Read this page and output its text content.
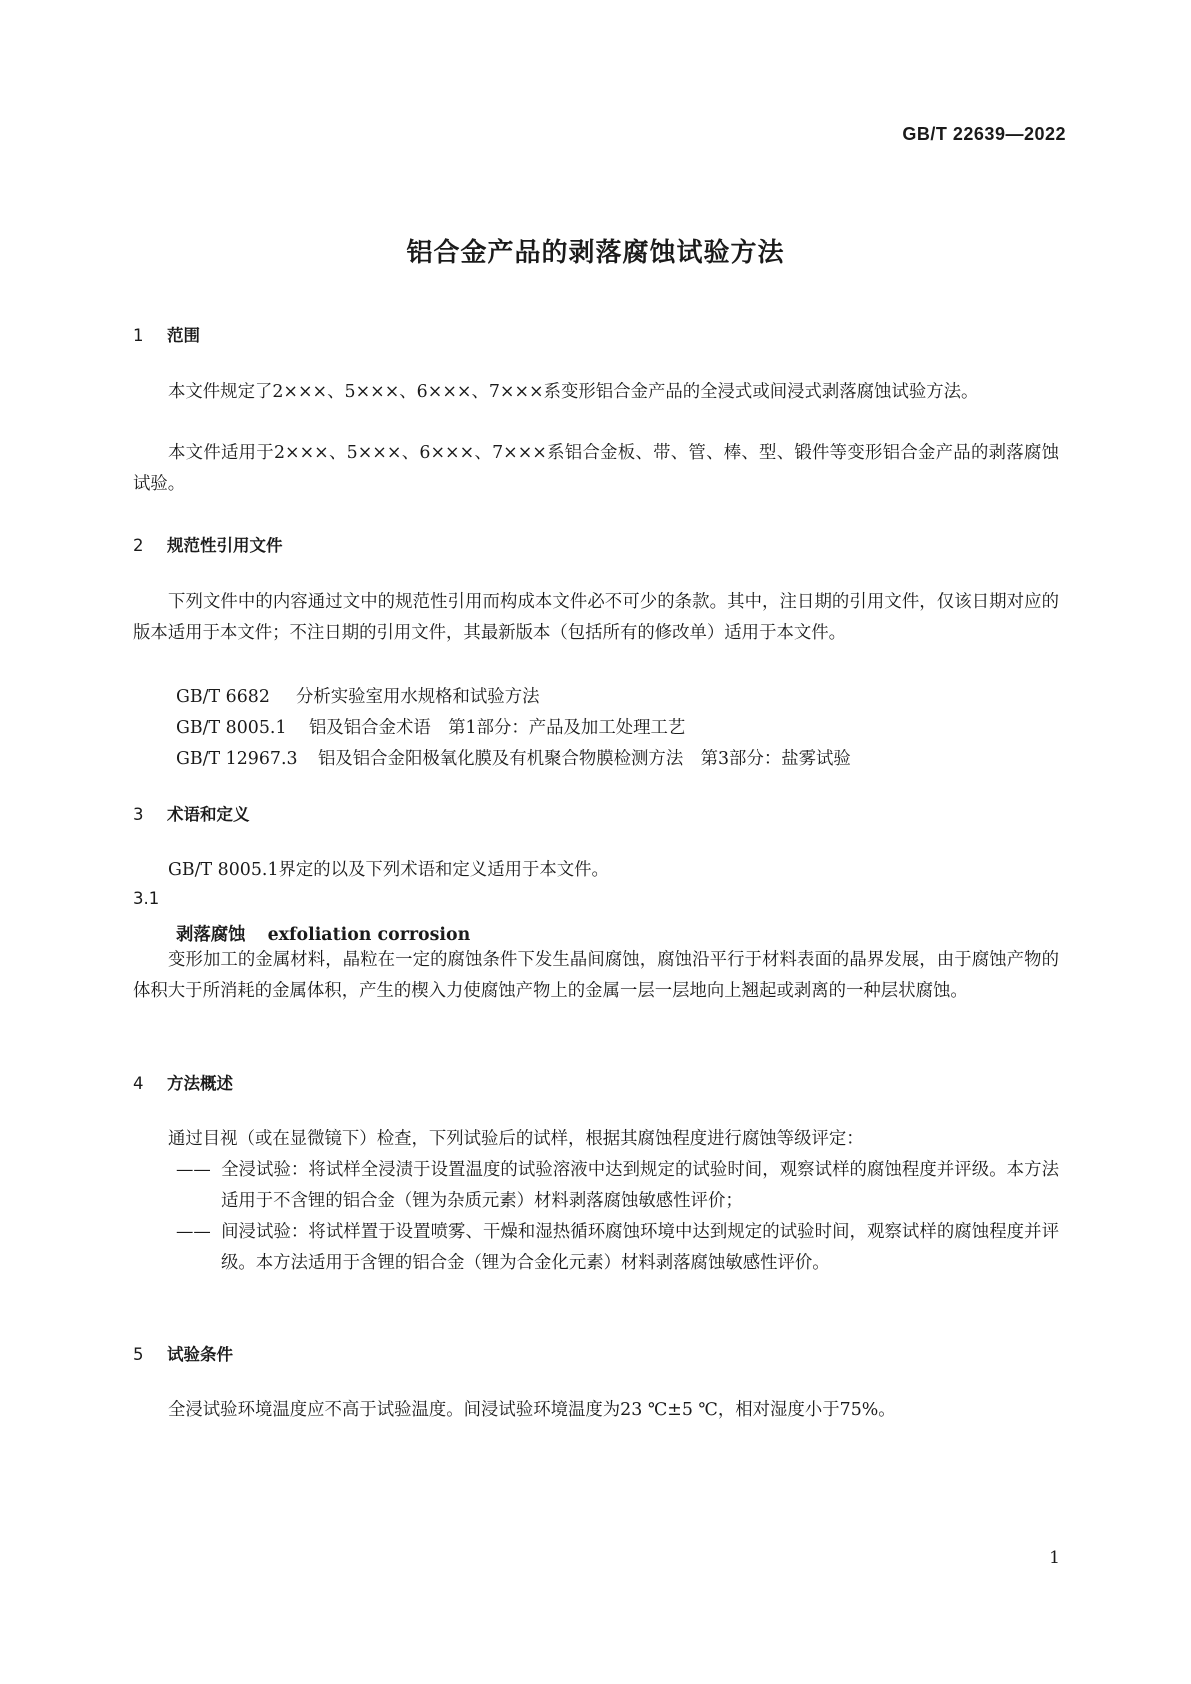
GB/T 22639—2022
铝合金产品的剥落腐蚀试验方法
1 范围
本文件规定了2×××、5×××、6×××、7×××系变形铝合金产品的全浸式或间浸式剥落腐蚀试验方法。
本文件适用于2×××、5×××、6×××、7×××系铝合金板、带、管、棒、型、锻件等变形铝合金产品的剥落腐蚀试验。
2 规范性引用文件
下列文件中的内容通过文中的规范性引用而构成本文件必不可少的条款。其中，注日期的引用文件，仅该日期对应的版本适用于本文件；不注日期的引用文件，其最新版本（包括所有的修改单）适用于本文件。
GB/T 6682 分析实验室用水规格和试验方法
GB/T 8005.1 铝及铝合金术语　第1部分：产品及加工处理工艺
GB/T 12967.3 铝及铝合金阳极氧化膜及有机聚合物膜检测方法　第3部分：盐雾试验
3 术语和定义
GB/T 8005.1界定的以及下列术语和定义适用于本文件。
3.1
剥落腐蚀 exfoliation corrosion
变形加工的金属材料，晶粒在一定的腐蚀条件下发生晶间腐蚀，腐蚀沿平行于材料表面的晶界发展，由于腐蚀产物的体积大于所消耗的金属体积，产生的楔入力使腐蚀产物上的金属一层一层地向上翘起或剥离的一种层状腐蚀。
4 方法概述
通过目视（或在显微镜下）检查，下列试验后的试样，根据其腐蚀程度进行腐蚀等级评定：
—— 全浸试验：将试样全浸渍于设置温度的试验溶液中达到规定的试验时间，观察试样的腐蚀程度并评级。本方法适用于不含锂的铝合金（锂为杂质元素）材料剥落腐蚀敏感性评价；
—— 间浸试验：将试样置于设置喷雾、干燥和湿热循环腐蚀环境中达到规定的试验时间，观察试样的腐蚀程度并评级。本方法适用于含锂的铝合金（锂为合金化元素）材料剥落腐蚀敏感性评价。
5 试验条件
全浸试验环境温度应不高于试验温度。间浸试验环境温度为23 ℃±5 ℃，相对湿度小于75%。
1
